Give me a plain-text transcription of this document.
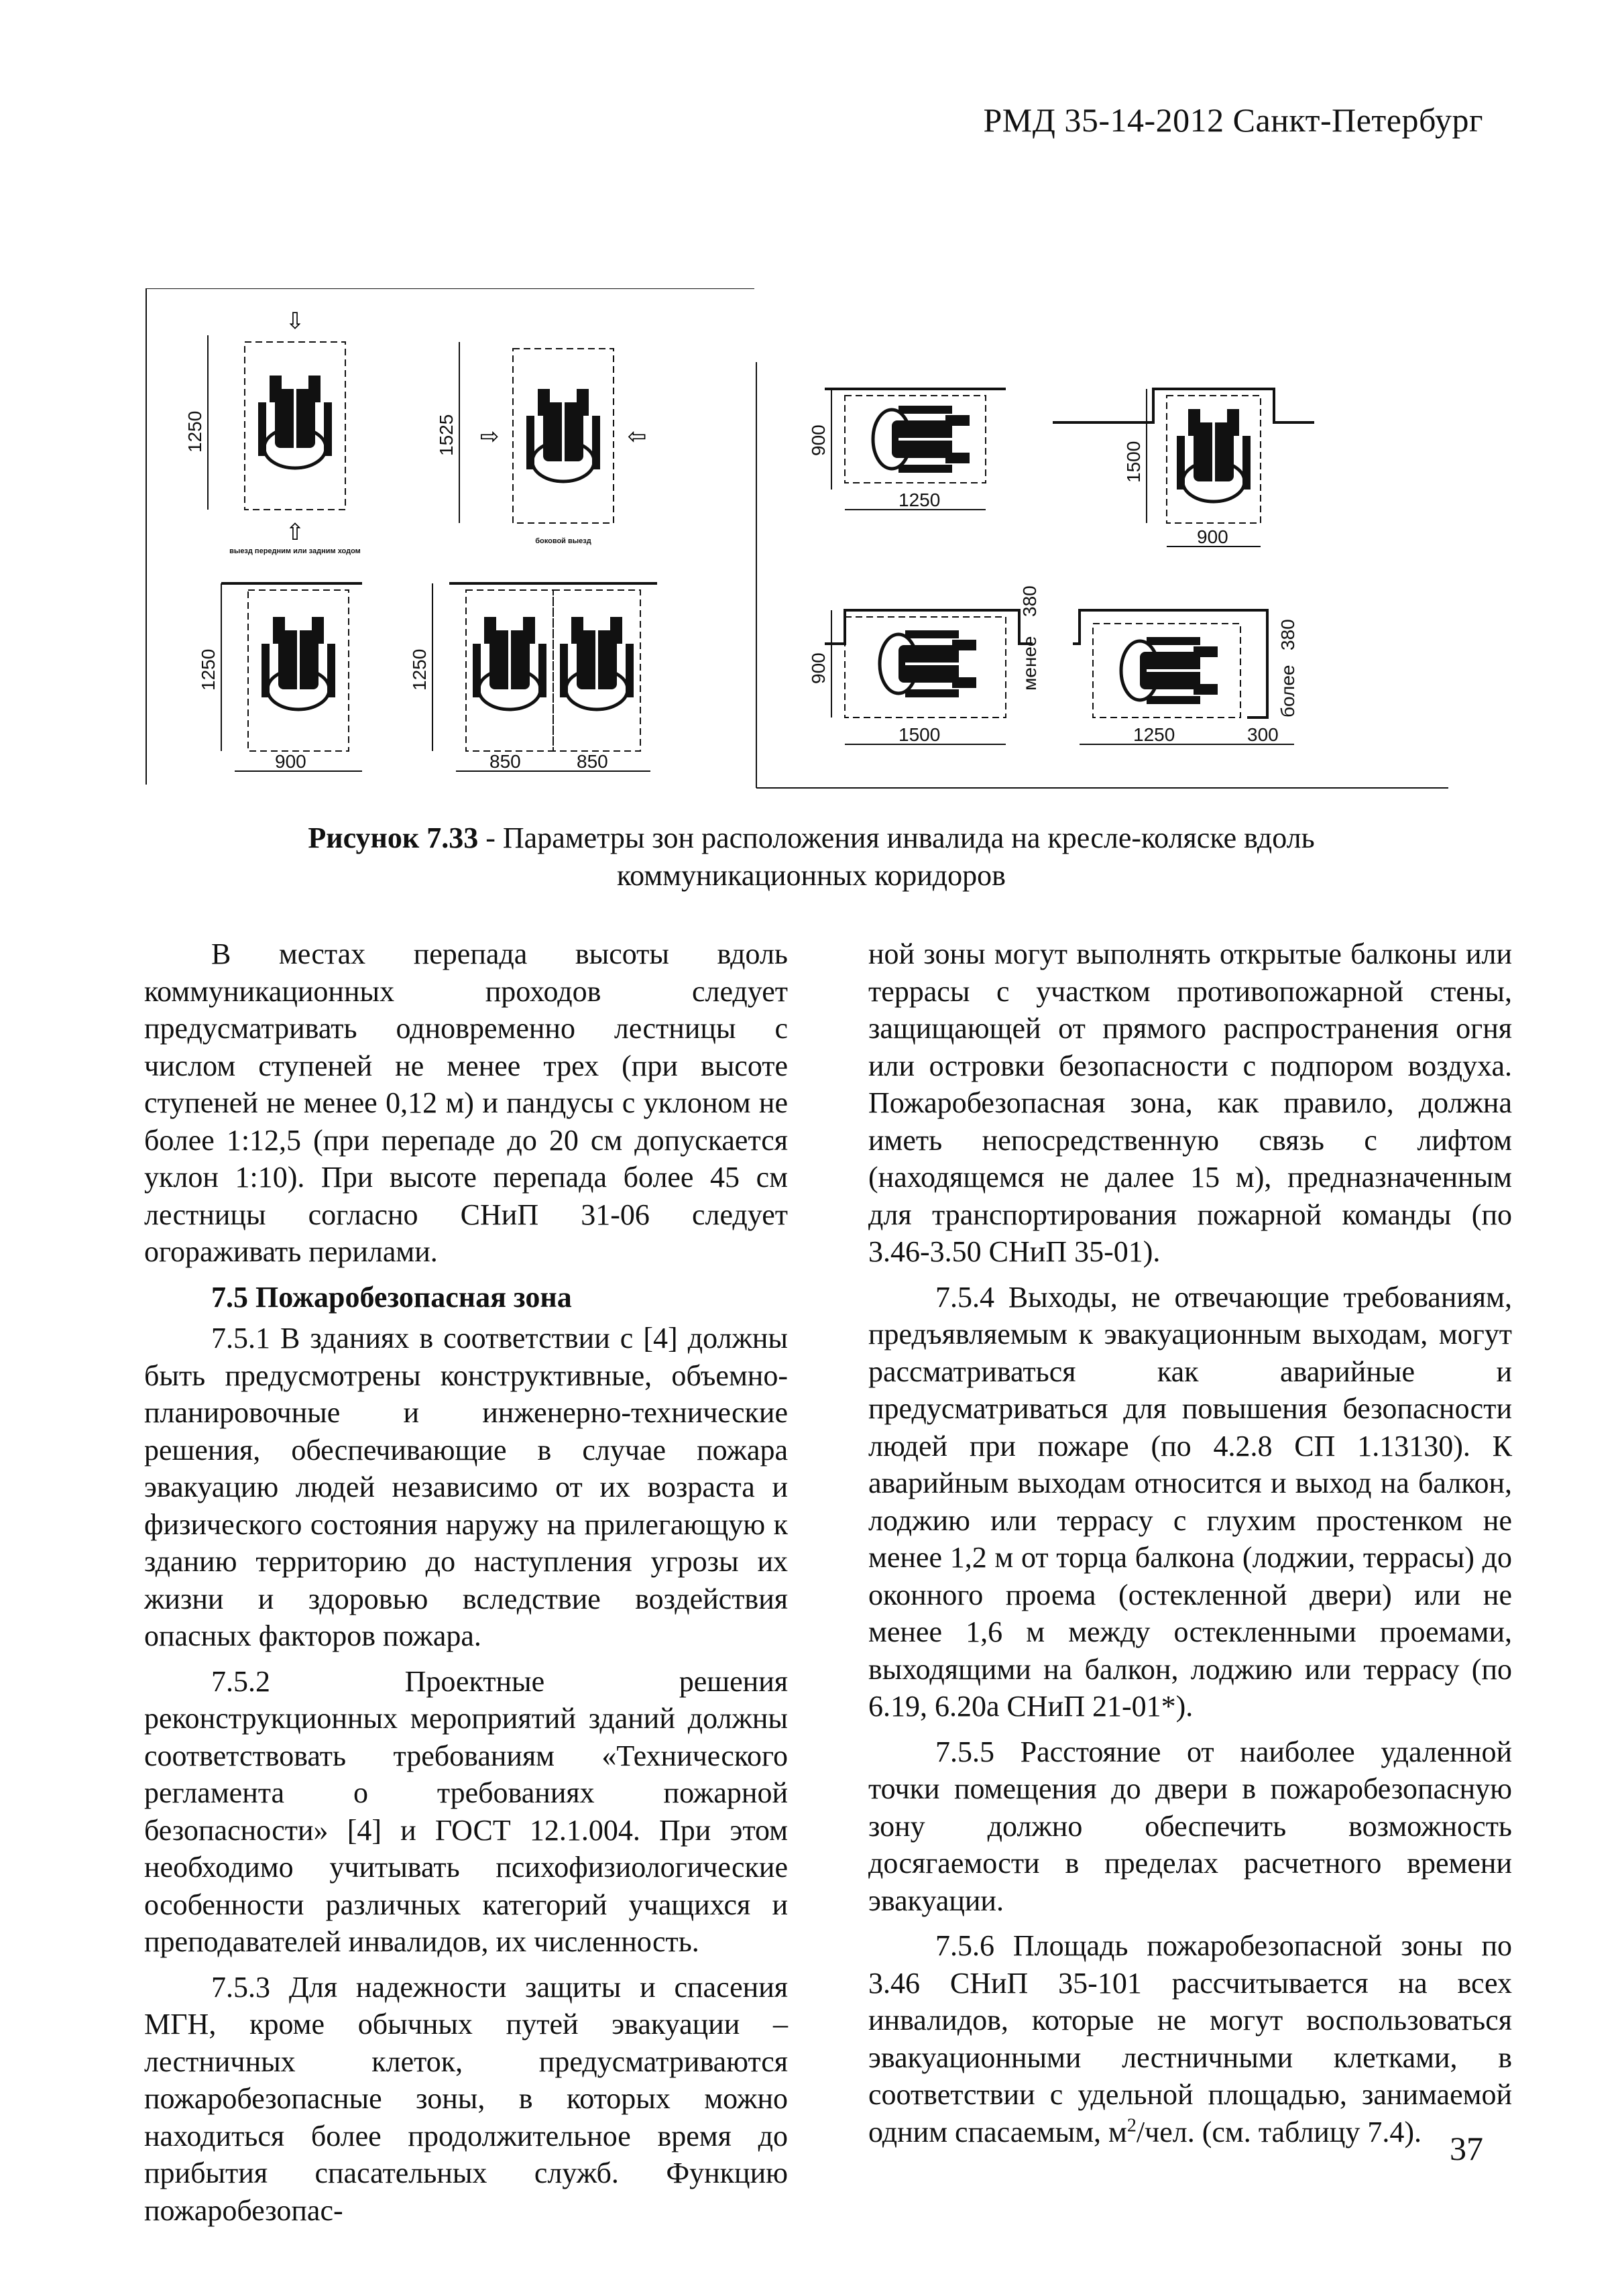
РМД 35-14-2012 Санкт-Петербург
1250
⇩
⇧
выезд передним или задним ходом
1525 ⇨	⇦
боковой выезд
1250
900
1250
850	850
900
1250
1500
900
900	менее
380
1500
более
380
1250	300
Рисунок 7.33 - Параметры зон расположения инвалида на кресле-коляске вдоль
коммуникационных коридоров

В местах перепада высоты вдоль коммуникационных проходов следует предусматривать одновременно лестницы с числом ступеней не менее трех (при высоте ступеней не менее 0,12 м) и пандусы с уклоном не более 1:12,5 (при перепаде до 20 см допускается уклон 1:10). При высоте перепада более 45 см лестницы согласно СНиП 31-06 следует огораживать перилами.

7.5 Пожаробезопасная зона

7.5.1 В зданиях в соответствии с [4] должны быть предусмотрены конструктивные, объемно-планировочные и инженерно-технические решения, обеспечивающие в случае пожара эвакуацию людей независимо от их возраста и физического состояния наружу на прилегающую к зданию территорию до наступления угрозы их жизни и здоровью вследствие воздействия опасных факторов пожара.

7.5.2 Проектные решения реконструкционных мероприятий зданий должны соответствовать требованиям «Технического регламента о требованиях пожарной безопасности» [4] и ГОСТ 12.1.004. При этом необходимо учитывать психофизиологические особенности различных категорий учащихся и преподавателей инвалидов, их численность.

7.5.3 Для надежности защиты и спасения МГН, кроме обычных путей эвакуации – лестничных клеток, предусматриваются пожаробезопасные зоны, в которых можно находиться более продолжительное время до прибытия спасательных служб. Функцию пожаробезопас-

ной зоны могут выполнять открытые балконы или террасы с участком противопожарной стены, защищающей от прямого распространения огня или островки безопасности с подпором воздуха. Пожаробезопасная зона, как правило, должна иметь непосредственную связь с лифтом (находящемся не далее 15 м), предназначенным для транспортирования пожарной команды (по 3.46-3.50 СНиП 35-01).

7.5.4 Выходы, не отвечающие требованиям, предъявляемым к эвакуационным выходам, могут рассматриваться как аварийные и предусматриваться для повышения безопасности людей при пожаре (по 4.2.8 СП 1.13130). К аварийным выходам относится и выход на балкон, лоджию или террасу с глухим простенком не менее 1,2 м от торца балкона (лоджии, террасы) до оконного проема (остекленной двери) или не менее 1,6 м между остекленными проемами, выходящими на балкон, лоджию или террасу (по 6.19, 6.20а СНиП 21-01*).

7.5.5 Расстояние от наиболее удаленной точки помещения до двери в пожаробезопасную зону должно обеспечить возможность досягаемости в пределах расчетного времени эвакуации.

7.5.6 Площадь пожаробезопасной зоны по 3.46 СНиП 35-101 рассчитывается на всех инвалидов, которые не могут воспользоваться эвакуационными лестничными клетками, в соответствии с удельной площадью, занимаемой одним спасаемым, $м^2$/чел. (см. таблицу 7.4). 37
